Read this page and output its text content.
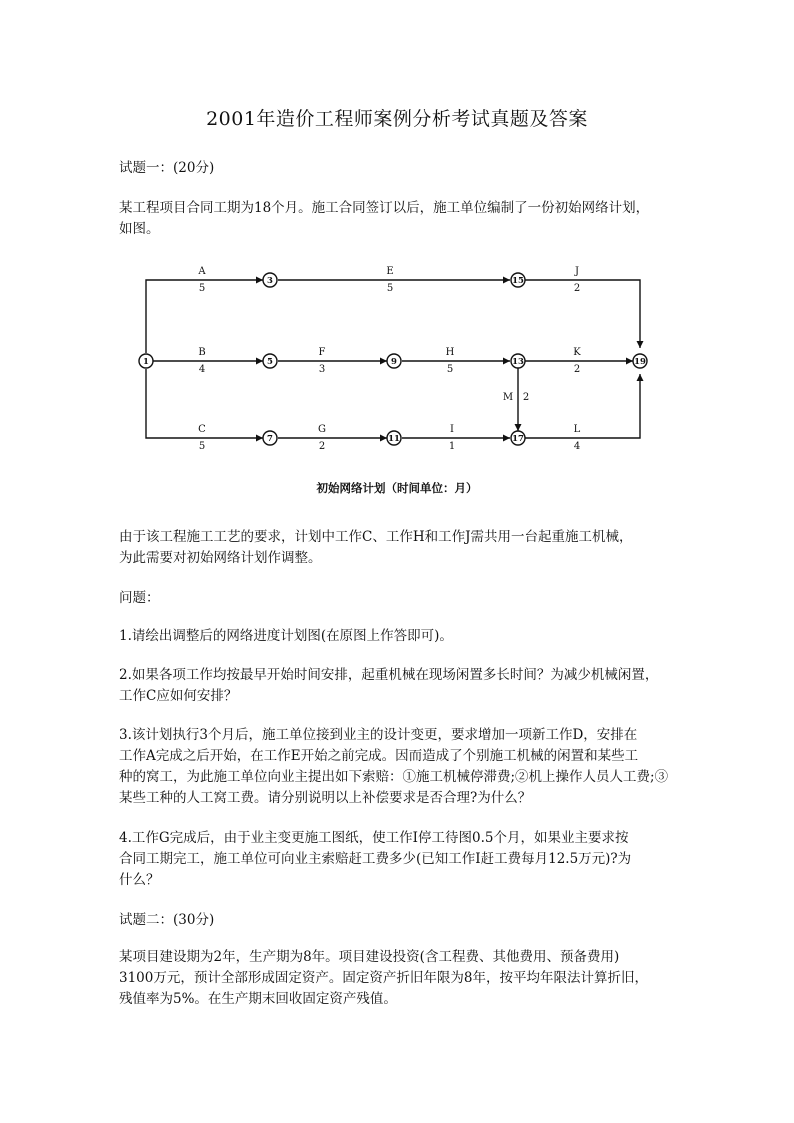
2001年造价工程师案例分析考试真题及答案
试题一：(20分)
某工程项目合同工期为18个月。施工合同签订以后，施工单位编制了一份初始网络计划，
如图。
1
3
5	9
11
13
15
17
19
7
A
5
E
5
J
2
B
4
F
3
H
5
K
2
M 2
C
5
G
2
I
1
L
4
初始网络计划（时间单位：月）
由于该工程施工工艺的要求，计划中工作C、工作H和工作J需共用一台起重施工机械，
为此需要对初始网络计划作调整。
问题：
1.请绘出调整后的网络进度计划图(在原图上作答即可)。
2.如果各项工作均按最早开始时间安排，起重机械在现场闲置多长时间？为减少机械闲置，
工作C应如何安排？
3.该计划执行3个月后，施工单位接到业主的设计变更，要求增加一项新工作D，安排在
工作A完成之后开始，在工作E开始之前完成。因而造成了个别施工机械的闲置和某些工
种的窝工，为此施工单位向业主提出如下索赔：①施工机械停滞费;②机上操作人员人工费;③
某些工种的人工窝工费。请分别说明以上补偿要求是否合理?为什么？
4.工作G完成后，由于业主变更施工图纸，使工作I停工待图0.5个月，如果业主要求按
合同工期完工，施工单位可向业主索赔赶工费多少(已知工作I赶工费每月12.5万元)?为
什么？
试题二：(30分)
某项目建设期为2年，生产期为8年。项目建设投资(含工程费、其他费用、预备费用)
3100万元，预计全部形成固定资产。固定资产折旧年限为8年，按平均年限法计算折旧，
残值率为5%。在生产期末回收固定资产残值。
